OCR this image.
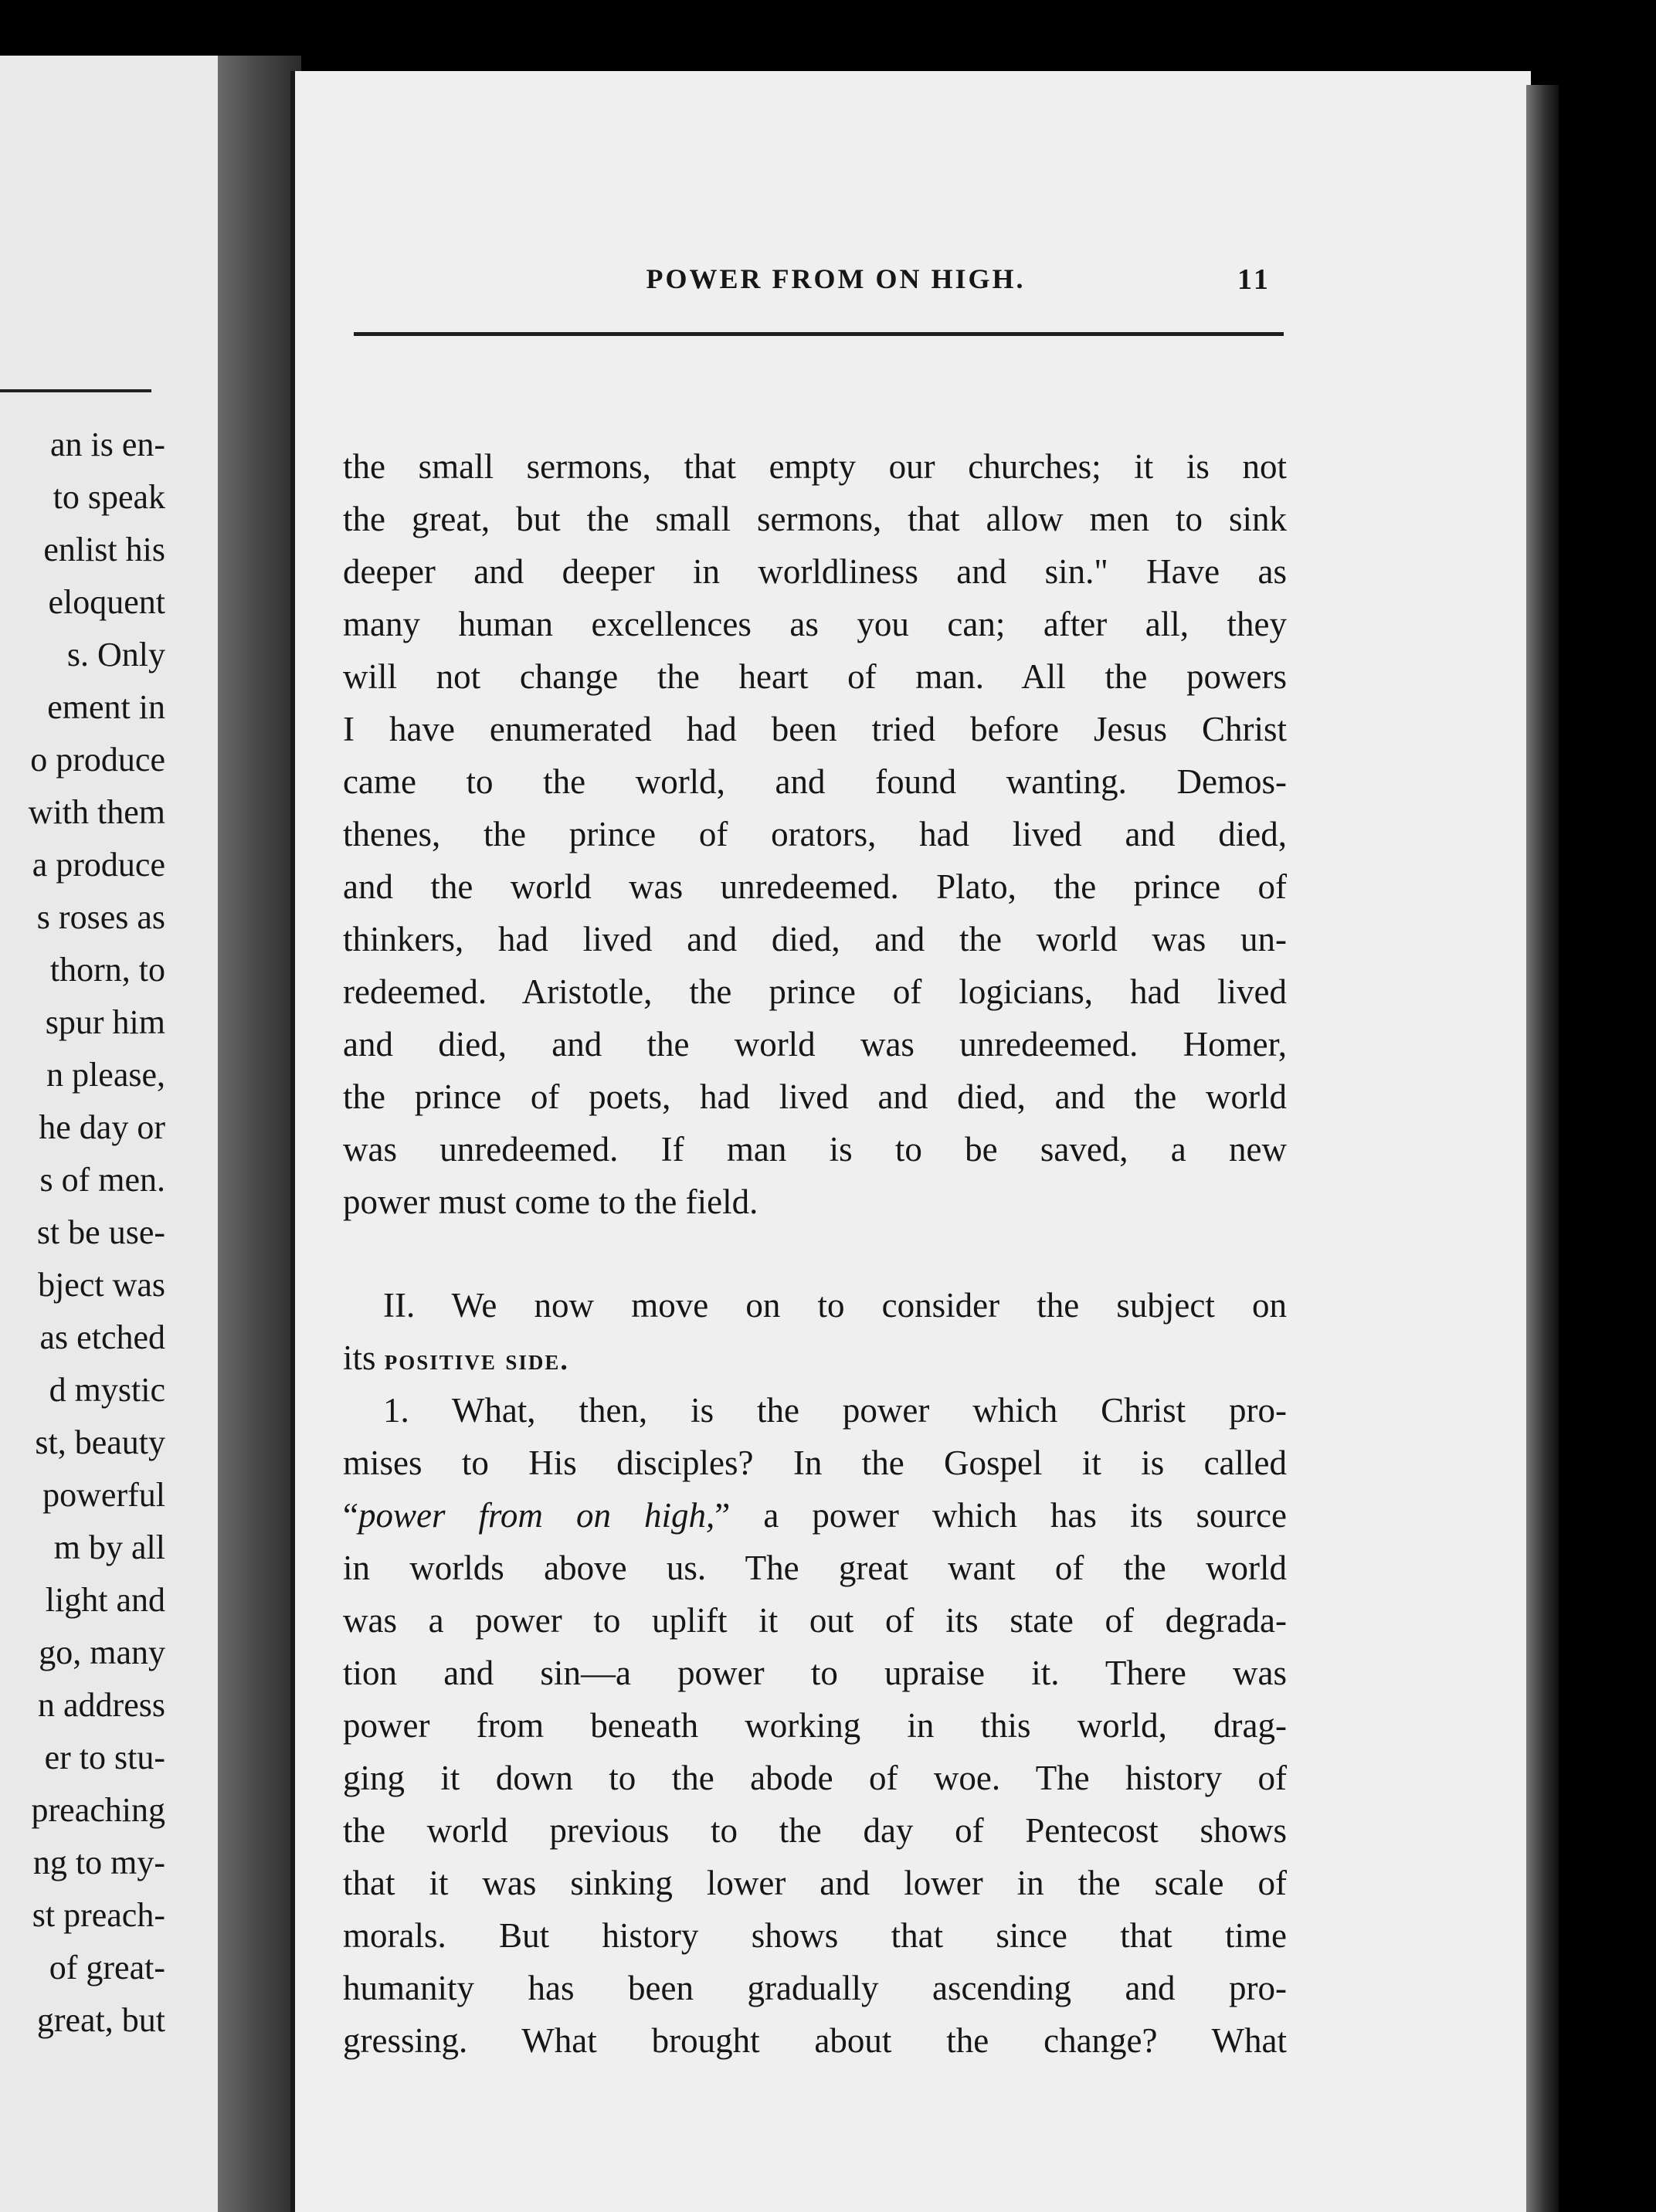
an is en-
to speak
enlist his
eloquent
s. Only
ement in
o produce
with them
a produce
s roses as
thorn, to
spur him
n please,
he day or
s of men.
st be use-
bject was
as etched
d mystic
st, beauty
powerful
m by all
light and
go, many
n address
er to stu-
preaching
ng to my-
st preach-
of great-
great, but
POWER FROM ON HIGH.	11
the small sermons, that empty our churches; it is not
the great, but the small sermons, that allow men to sink
deeper and deeper in worldliness and sin." Have as
many human excellences as you can; after all, they
will not change the heart of man. All the powers
I have enumerated had been tried before Jesus Christ
came to the world, and found wanting. Demos-
thenes, the prince of orators, had lived and died,
and the world was unredeemed. Plato, the prince of
thinkers, had lived and died, and the world was un-
redeemed. Aristotle, the prince of logicians, had lived
and died, and the world was unredeemed. Homer,
the prince of poets, had lived and died, and the world
was unredeemed. If man is to be saved, a new
power must come to the field.
II. We now move on to consider the subject on
its positive side.
1. What, then, is the power which Christ pro-
mises to His disciples? In the Gospel it is called
“power from on high,” a power which has its source
in worlds above us. The great want of the world
was a power to uplift it out of its state of degrada-
tion and sin—a power to upraise it. There was
power from beneath working in this world, drag-
ging it down to the abode of woe. The history of
the world previous to the day of Pentecost shows
that it was sinking lower and lower in the scale of
morals. But history shows that since that time
humanity has been gradually ascending and pro-
gressing. What brought about the change? What
